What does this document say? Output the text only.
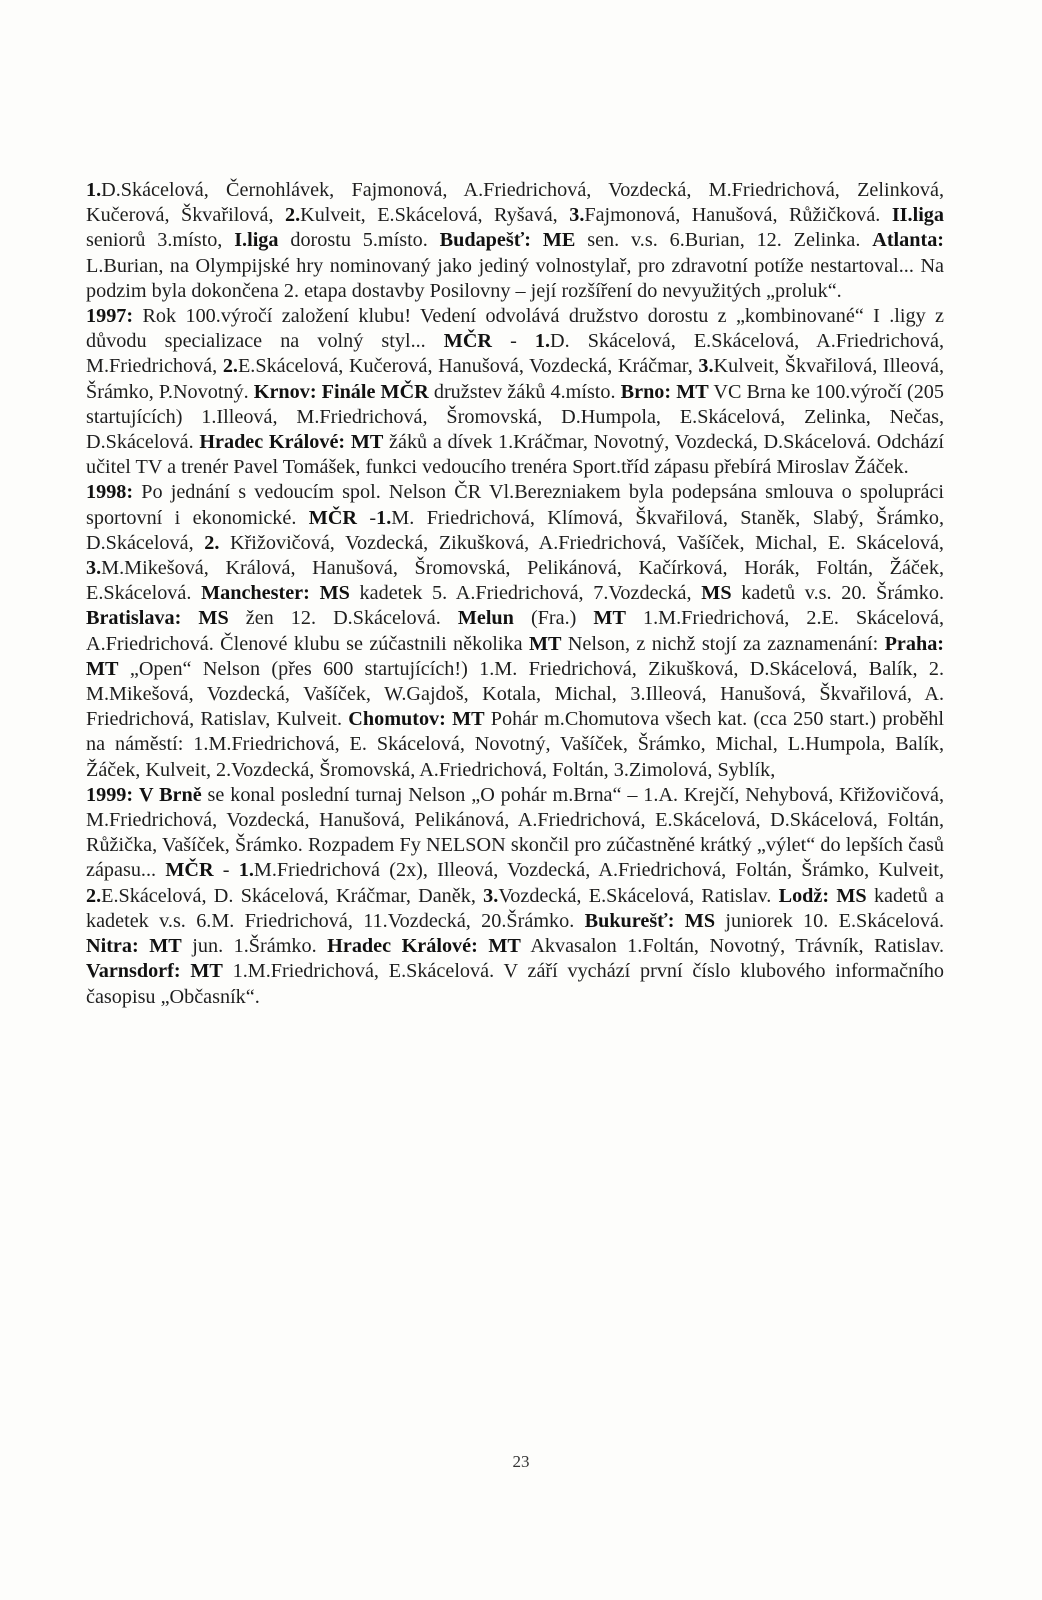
1.D.Skácelová, Černohlávek, Fajmonová, A.Friedrichová, Vozdecká, M.Friedrichová, Zelinková, Kučerová, Škvařilová, 2.Kulveit, E.Skácelová, Ryšavá, 3.Fajmonová, Hanušová, Růžičková. II.liga seniorů 3.místo, I.liga dorostu 5.místo. Budapešť: ME sen. v.s. 6.Burian, 12. Zelinka. Atlanta: L.Burian, na Olympijské hry nominovaný jako jediný volnostylař, pro zdravotní potíže nestartoval... Na podzim byla dokončena 2. etapa dostavby Posilovny – její rozšíření do nevyužitých „proluk“.

1997: Rok 100.výročí založení klubu! Vedení odvolává družstvo dorostu z „kombinované“ I .ligy z důvodu specializace na volný styl... MČR - 1.D. Skácelová, E.Skácelová, A.Friedrichová, M.Friedrichová, 2.E.Skácelová, Kučerová, Hanušová, Vozdecká, Kráčmar, 3.Kulveit, Škvařilová, Illeová, Šrámko, P.Novotný. Krnov: Finále MČR družstev žáků 4.místo. Brno: MT VC Brna ke 100.výročí (205 startujících) 1.Illeová, M.Friedrichová, Šromovská, D.Humpola, E.Skácelová, Zelinka, Nečas, D.Skácelová. Hradec Králové: MT žáků a dívek 1.Kráčmar, Novotný, Vozdecká, D.Skácelová. Odchází učitel TV a trenér Pavel Tomášek, funkci vedoucího trenéra Sport.tříd zápasu přebírá Miroslav Žáček.

1998: Po jednání s vedoucím spol. Nelson ČR Vl.Berezniakem byla podepsána smlouva o spolupráci sportovní i ekonomické. MČR -1.M. Friedrichová, Klímová, Škvařilová, Staněk, Slabý, Šrámko, D.Skácelová, 2. Křižovičová, Vozdecká, Zikušková, A.Friedrichová, Vašíček, Michal, E. Skácelová, 3.M.Mikešová, Králová, Hanušová, Šromovská, Pelikánová, Kačírková, Horák, Foltán, Žáček, E.Skácelová. Manchester: MS kadetek 5. A.Friedrichová, 7.Vozdecká, MS kadetů v.s. 20. Šrámko. Bratislava: MS žen 12. D.Skácelová. Melun (Fra.) MT 1.M.Friedrichová, 2.E. Skácelová, A.Friedrichová. Členové klubu se zúčastnili několika MT Nelson, z nichž stojí za zaznamenání: Praha: MT „Open“ Nelson (přes 600 startujících!) 1.M. Friedrichová, Zikušková, D.Skácelová, Balík, 2. M.Mikešová, Vozdecká, Vašíček, W.Gajdoš, Kotala, Michal, 3.Illeová, Hanušová, Škvařilová, A. Friedrichová, Ratislav, Kulveit. Chomutov: MT Pohár m.Chomutova všech kat. (cca 250 start.) proběhl na náměstí: 1.M.Friedrichová, E. Skácelová, Novotný, Vašíček, Šrámko, Michal, L.Humpola, Balík, Žáček, Kulveit, 2.Vozdecká, Šromovská, A.Friedrichová, Foltán, 3.Zimolová, Syblík,

1999: V Brně se konal poslední turnaj Nelson „O pohár m.Brna“ – 1.A. Krejčí, Nehybová, Křižovičová, M.Friedrichová, Vozdecká, Hanušová, Pelikánová, A.Friedrichová, E.Skácelová, D.Skácelová, Foltán, Růžička, Vašíček, Šrámko. Rozpadem Fy NELSON skončil pro zúčastněné krátký „výlet“ do lepších časů zápasu... MČR - 1.M.Friedrichová (2x), Illeová, Vozdecká, A.Friedrichová, Foltán, Šrámko, Kulveit, 2.E.Skácelová, D. Skácelová, Kráčmar, Daněk, 3.Vozdecká, E.Skácelová, Ratislav. Lodž: MS kadetů a kadetek v.s. 6.M. Friedrichová, 11.Vozdecká, 20.Šrámko. Bukurešť: MS juniorek 10. E.Skácelová. Nitra: MT jun. 1.Šrámko. Hradec Králové: MT Akvasalon 1.Foltán, Novotný, Trávník, Ratislav. Varnsdorf: MT 1.M.Friedrichová, E.Skácelová. V září vychází první číslo klubového informačního časopisu „Občasník“.

23
